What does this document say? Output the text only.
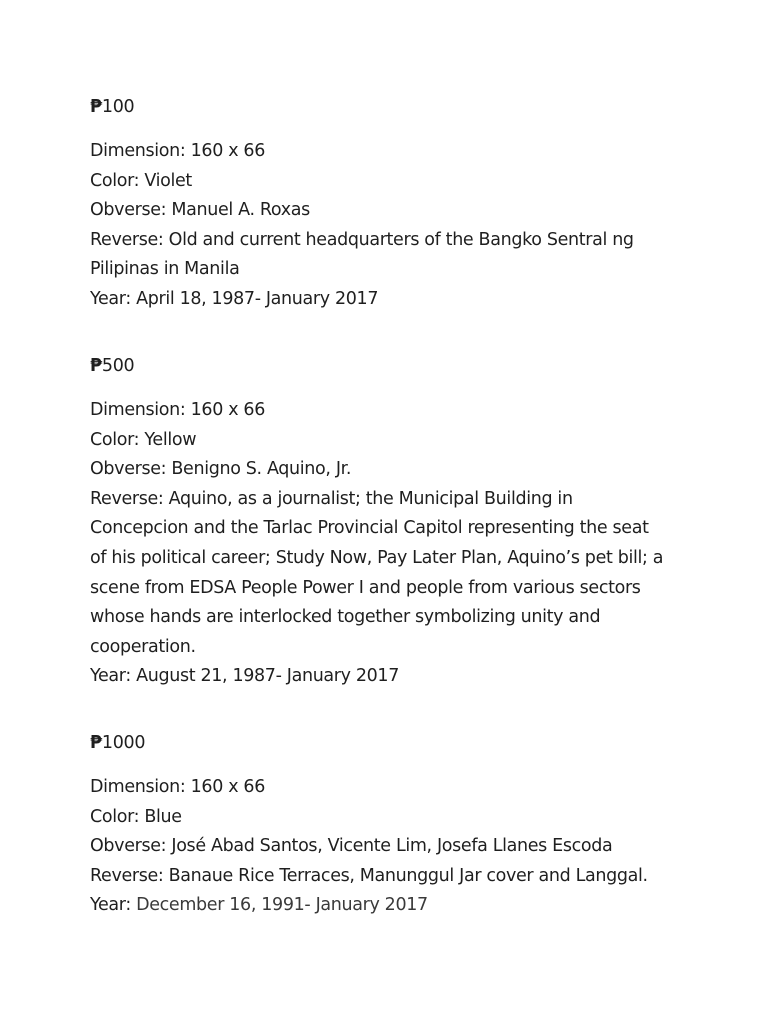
₱100
Dimension: 160 x 66
Color: Violet
Obverse: Manuel A. Roxas
Reverse: Old and current headquarters of the Bangko Sentral ng
Pilipinas in Manila
Year: April 18, 1987- January 2017
₱500
Dimension: 160 x 66
Color: Yellow
Obverse: Benigno S. Aquino, Jr.
Reverse: Aquino, as a journalist; the Municipal Building in
Concepcion and the Tarlac Provincial Capitol representing the seat
of his political career; Study Now, Pay Later Plan, Aquino’s pet bill; a
scene from EDSA People Power I and people from various sectors
whose hands are interlocked together symbolizing unity and
cooperation.
Year: August 21, 1987- January 2017
₱1000
Dimension: 160 x 66
Color: Blue
Obverse: José Abad Santos, Vicente Lim, Josefa Llanes Escoda
Reverse: Banaue Rice Terraces, Manunggul Jar cover and Langgal.
Year: December 16, 1991- January 2017
